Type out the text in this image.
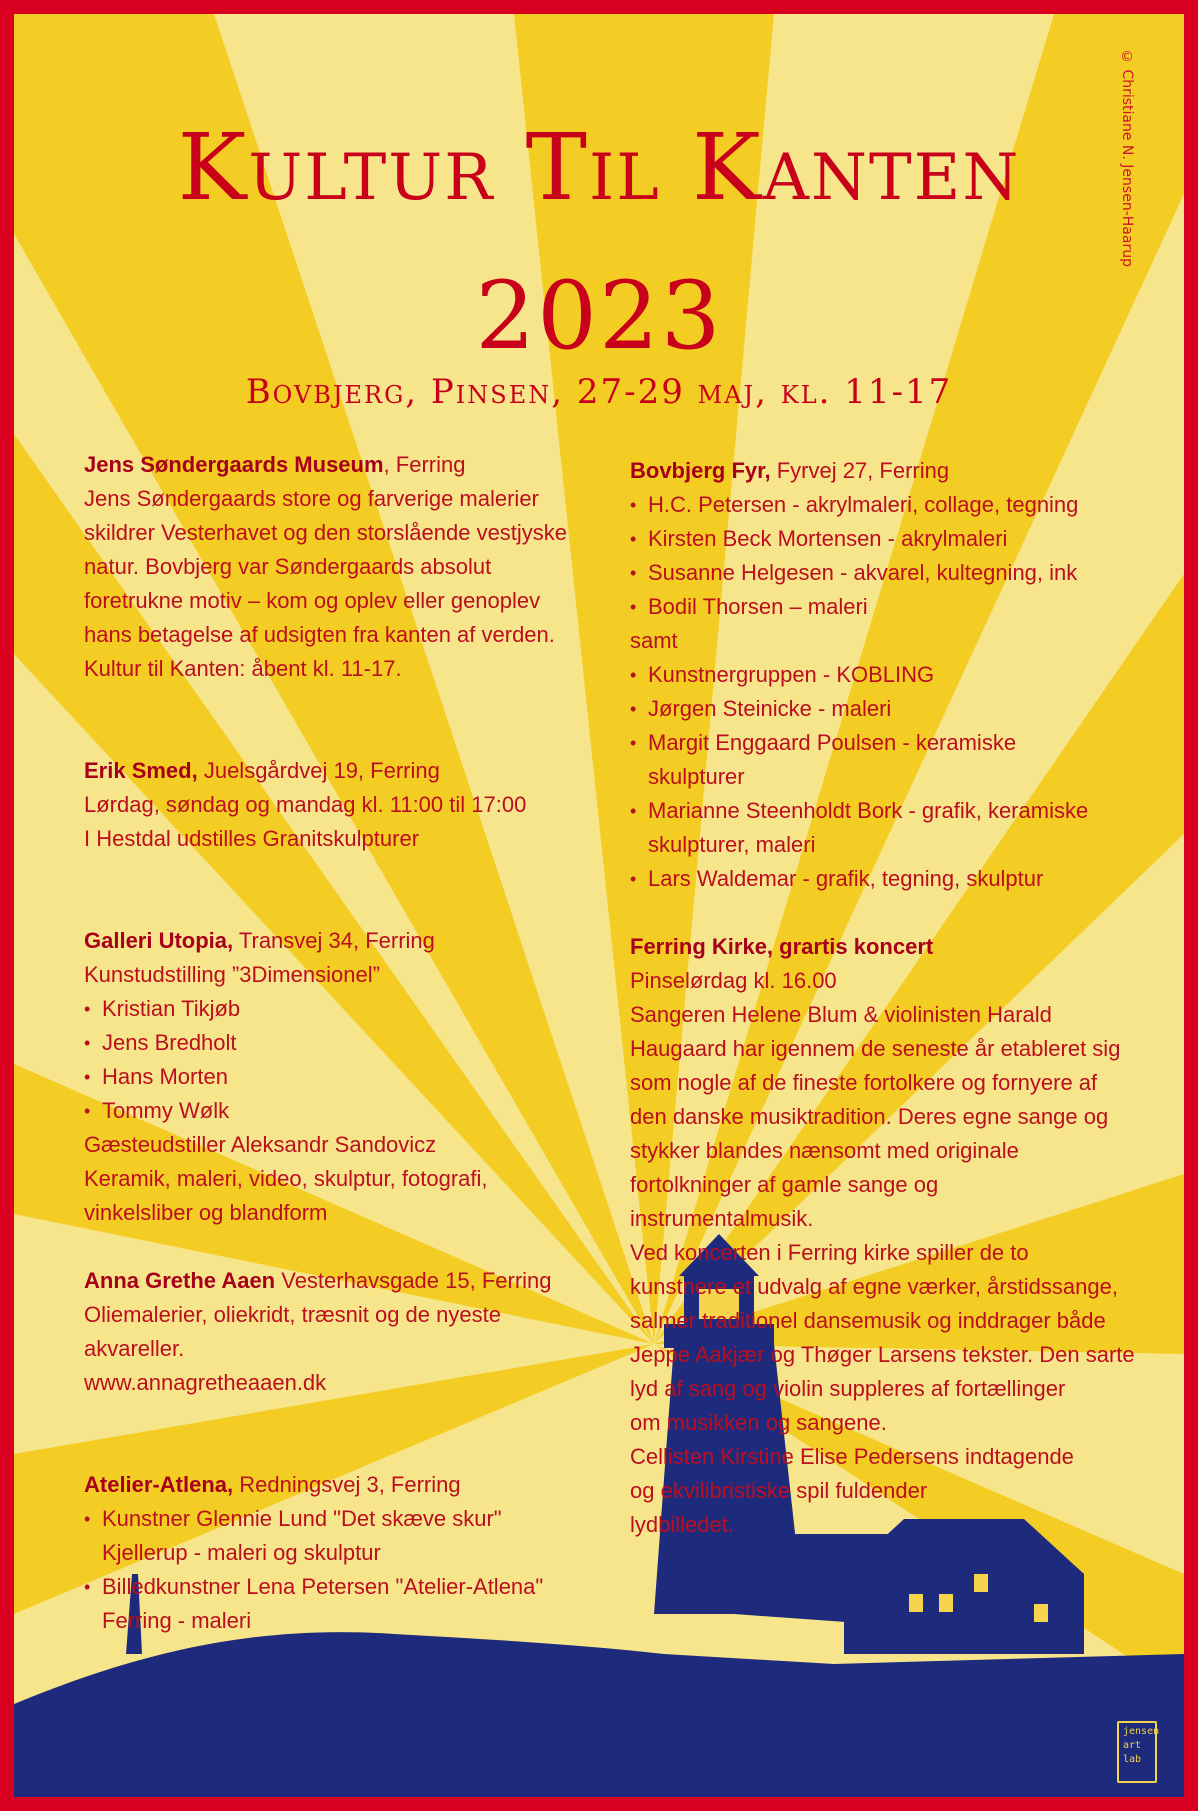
Kultur Til Kanten
2023
Bovbjerg, Pinsen, 27-29 maj, kl. 11-17
© Christiane N. Jensen-Haarup

Jens Søndergaards Museum, Ferring

Jens Søndergaards store og farverige malerier

skildrer Vesterhavet og den storslående vestjyske

natur. Bovbjerg var Søndergaards absolut

foretrukne motiv – kom og oplev eller genoplev

hans betagelse af udsigten fra kanten af verden.

Kultur til Kanten: åbent kl. 11-17.

Erik Smed, Juelsgårdvej 19, Ferring

Lørdag, søndag og mandag kl. 11:00 til 17:00

I Hestdal udstilles Granitskulpturer

Galleri Utopia, Transvej 34, Ferring

Kunstudstilling ”3Dimensionel”

• Kristian Tikjøb
• Jens Bredholt
• Hans Morten
• Tommy Wølk

Gæsteudstiller Aleksandr Sandovicz

Keramik, maleri, video, skulptur, fotografi,

vinkelsliber og blandform

Anna Grethe Aaen Vesterhavsgade 15, Ferring

Oliemalerier, oliekridt, træsnit og de nyeste

akvareller.

www.annagretheaaen.dk

Atelier-Atlena, Redningsvej 3, Ferring

• Kunstner Glennie Lund "Det skæve skur" Kjellerup - maleri og skulptur
• Billedkunstner Lena Petersen "Atelier-Atlena" Ferring - maleri

Bovbjerg Fyr, Fyrvej 27, Ferring

• H.C. Petersen - akrylmaleri, collage, tegning
• Kirsten Beck Mortensen - akrylmaleri
• Susanne Helgesen - akvarel, kultegning, ink
• Bodil Thorsen – maleri

samt

• Kunstnergruppen - KOBLING
• Jørgen Steinicke - maleri
• Margit Enggaard Poulsen - keramiske skulpturer
• Marianne Steenholdt Bork - grafik, keramiske skulpturer, maleri
• Lars Waldemar - grafik, tegning, skulptur

Ferring Kirke, grartis koncert

Pinselørdag kl. 16.00

Sangeren Helene Blum & violinisten Harald

Haugaard har igennem de seneste år etableret sig

som nogle af de fineste fortolkere og fornyere af

den danske musiktradition. Deres egne sange og

stykker blandes nænsomt med originale

fortolkninger af gamle sange og

instrumentalmusik.

Ved koncerten i Ferring kirke spiller de to

kunstnere et udvalg af egne værker, årstidssange,

salmer traditionel dansemusik og inddrager både

Jeppe Aakjær og Thøger Larsens tekster. Den sarte

lyd af sang og violin suppleres af fortællinger

om musikken og sangene.

Cellisten Kirstine Elise Pedersens indtagende

og ekvilibristiske spil fuldender

lydbilledet.

jensen
art
lab
